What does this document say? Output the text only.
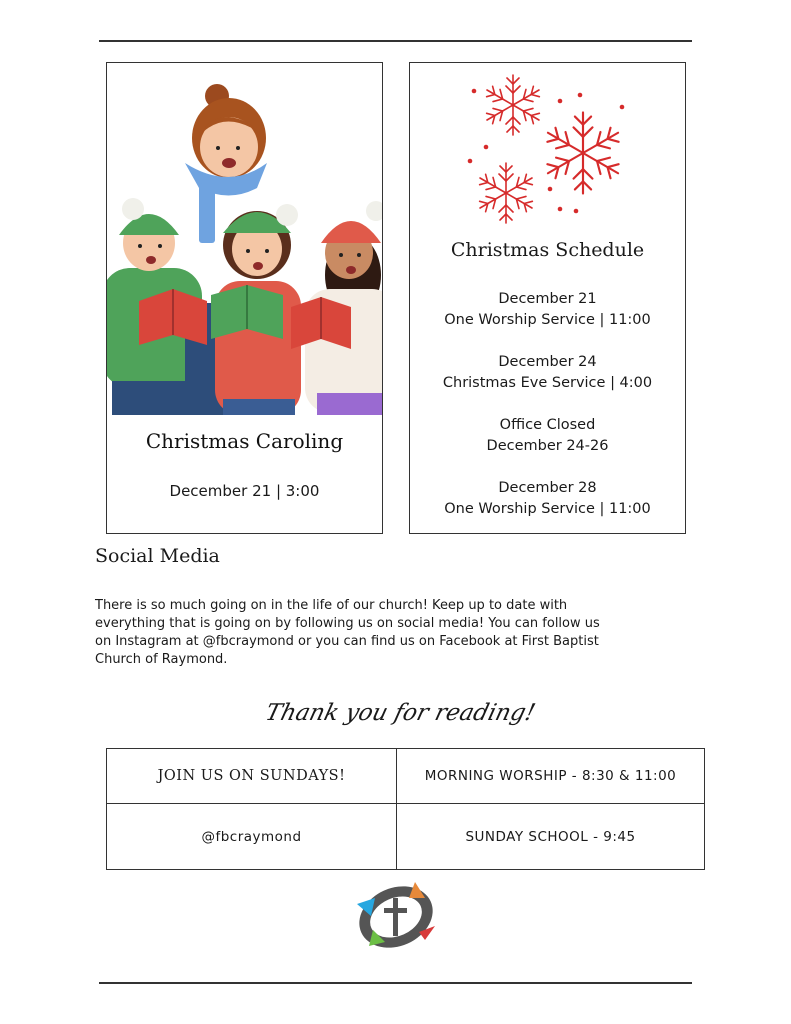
Christmas Caroling
December 21 | 3:00
Christmas Schedule
December 21
One Worship Service | 11:00
December 24
Christmas Eve Service | 4:00
Office Closed
December 24-26
December 28
One Worship Service | 11:00
Social Media
There is so much going on in the life of our church! Keep up to date with everything that is going on by following us on social media! You can follow us on Instagram at @fbcraymond or you can find us on Facebook at First Baptist Church of Raymond.
Thank you for reading!
JOIN US ON SUNDAYS!	MORNING WORSHIP - 8:30 & 11:00
@fbcraymond	SUNDAY SCHOOL - 9:45
